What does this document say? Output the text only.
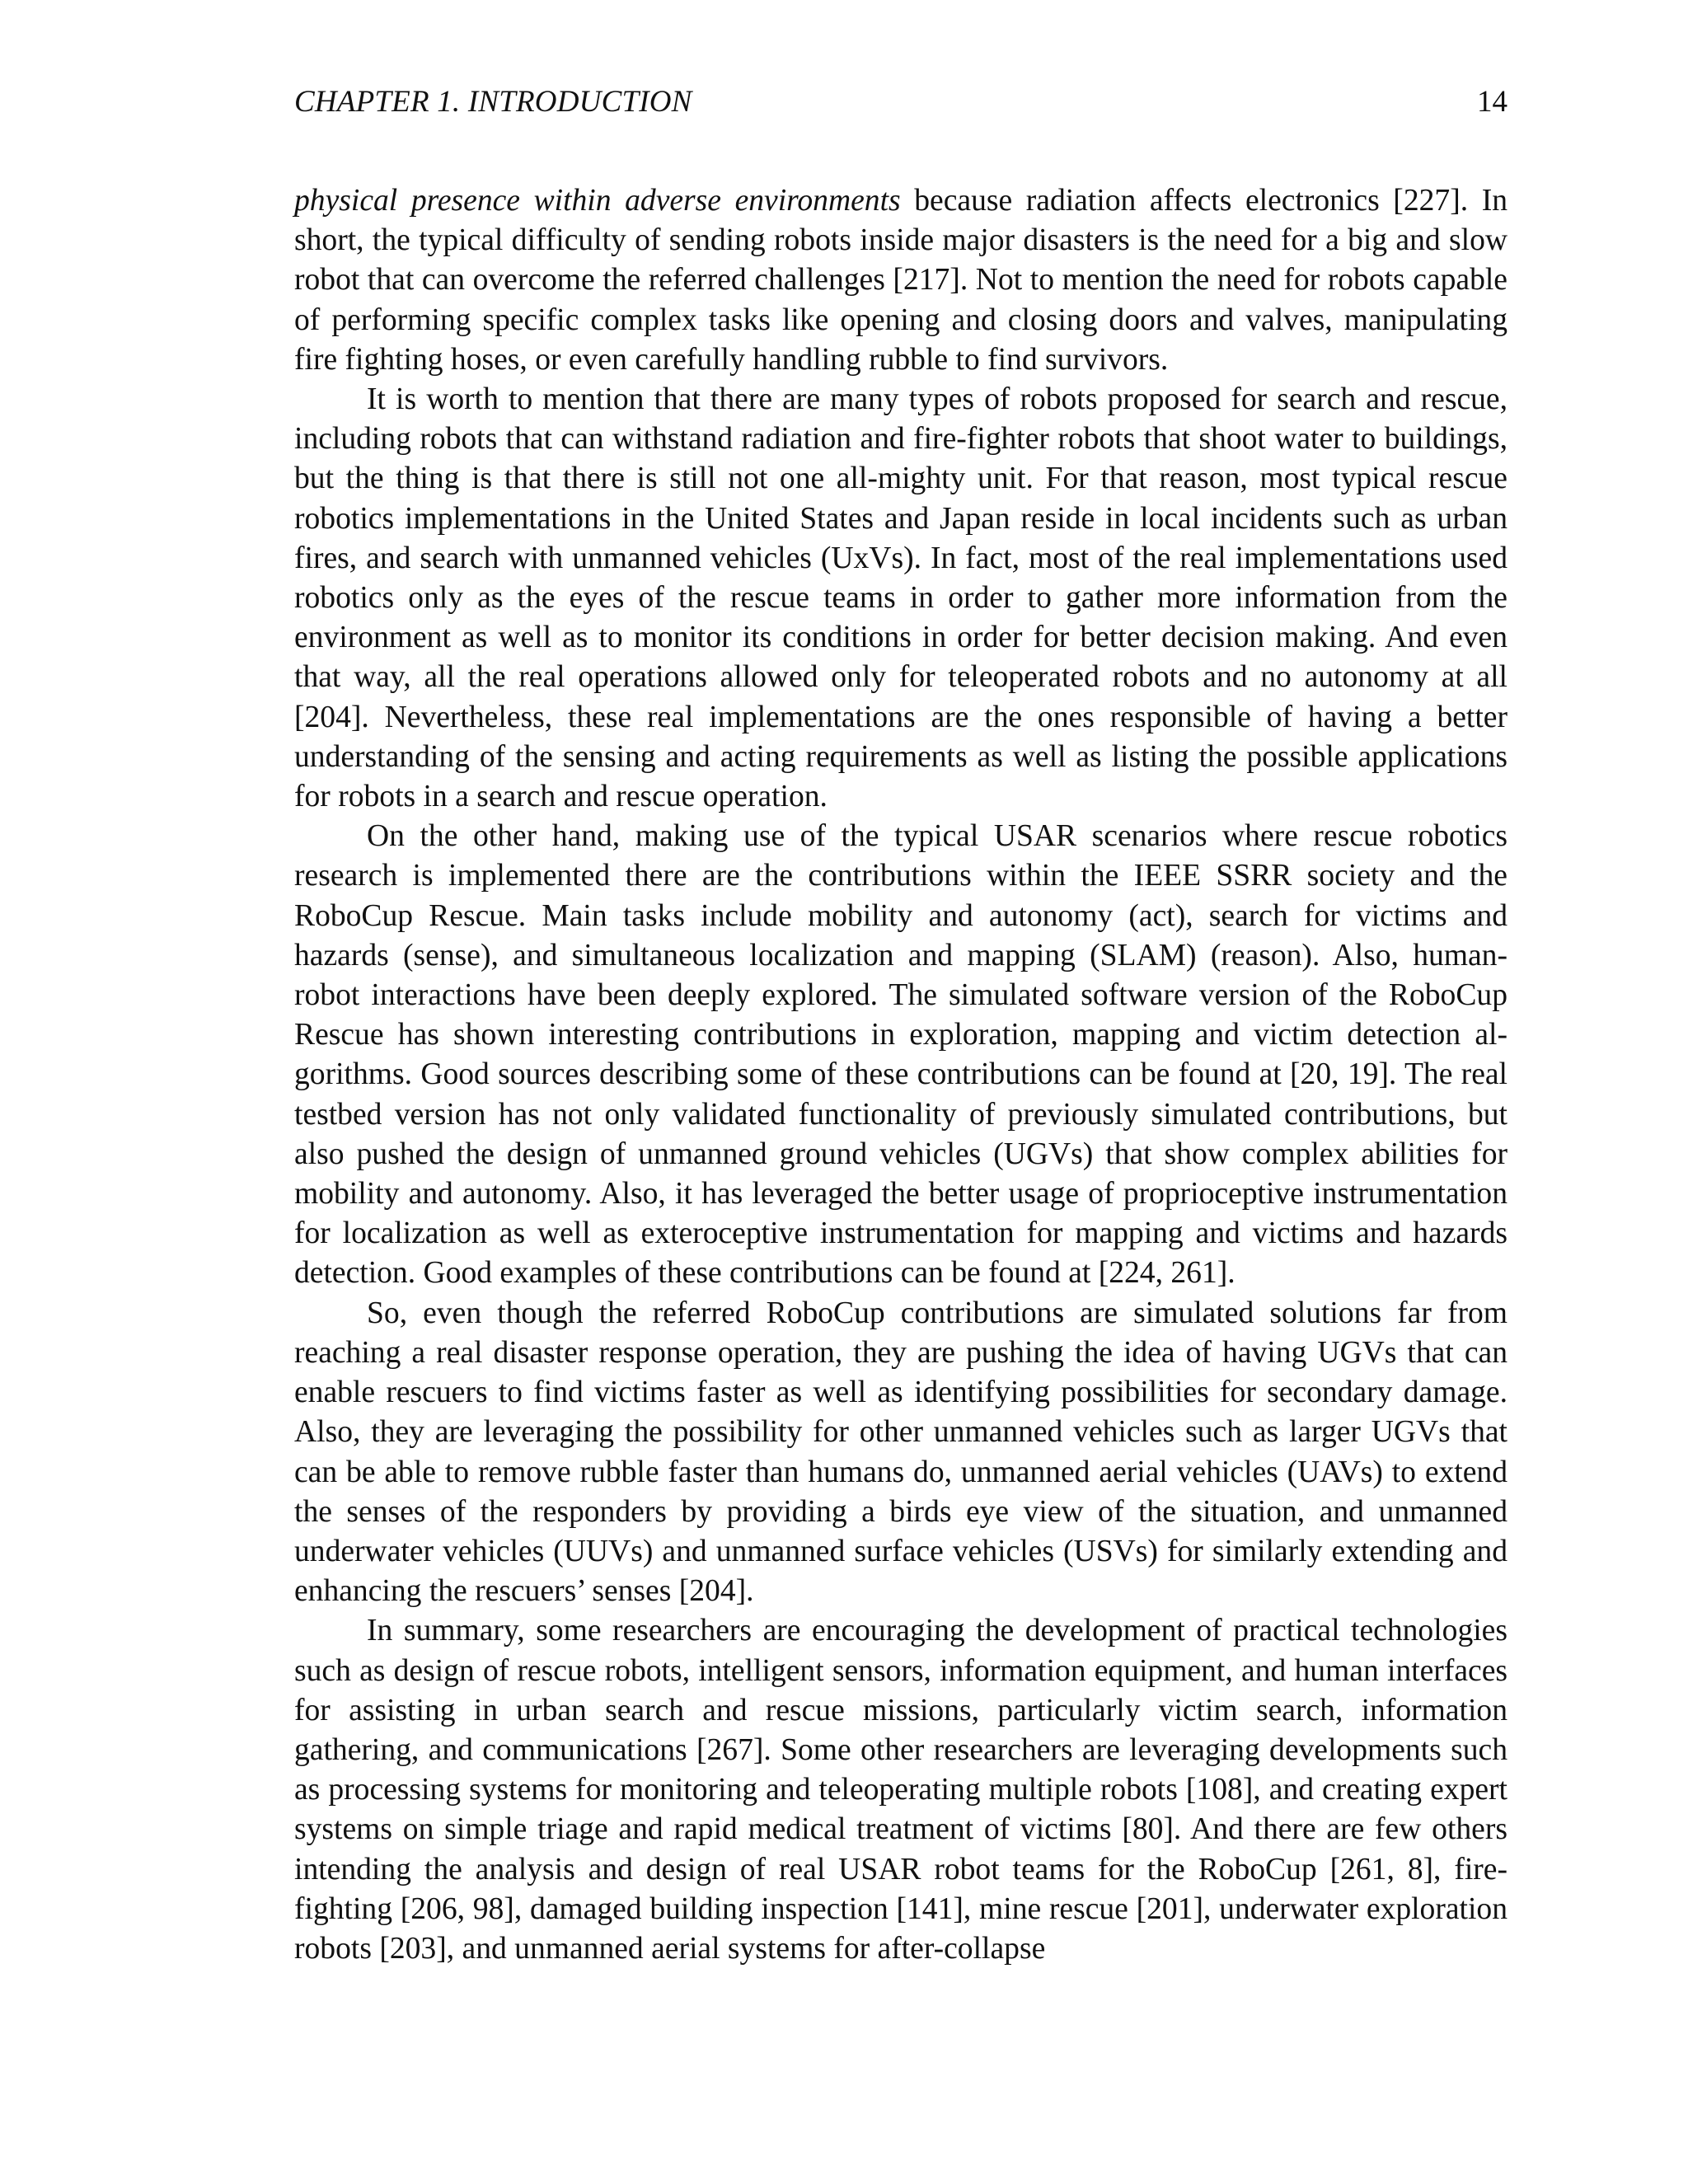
CHAPTER 1. INTRODUCTION	14

physical presence within adverse environments because radiation affects electronics [227]. In short, the typical difficulty of sending robots inside major disasters is the need for a big and slow robot that can overcome the referred challenges [217]. Not to mention the need for robots capable of performing specific complex tasks like opening and closing doors and valves, manipulating fire fighting hoses, or even carefully handling rubble to find survivors.

It is worth to mention that there are many types of robots proposed for search and rescue, including robots that can withstand radiation and fire-fighter robots that shoot water to buildings, but the thing is that there is still not one all-mighty unit. For that reason, most typical rescue robotics implementations in the United States and Japan reside in local incidents such as urban fires, and search with unmanned vehicles (UxVs). In fact, most of the real implementations used robotics only as the eyes of the rescue teams in order to gather more information from the environment as well as to monitor its conditions in order for better decision making. And even that way, all the real operations allowed only for teleoperated robots and no autonomy at all [204]. Nevertheless, these real implementations are the ones responsible of having a better understanding of the sensing and acting requirements as well as listing the possible applications for robots in a search and rescue operation.

On the other hand, making use of the typical USAR scenarios where rescue robotics research is implemented there are the contributions within the IEEE SSRR society and the RoboCup Rescue. Main tasks include mobility and autonomy (act), search for victims and hazards (sense), and simultaneous localization and mapping (SLAM) (reason). Also, human-robot interactions have been deeply explored. The simulated software version of the RoboCup Rescue has shown interesting contributions in exploration, mapping and victim detection algorithms. Good sources describing some of these contributions can be found at [20, 19]. The real testbed version has not only validated functionality of previously simulated contributions, but also pushed the design of unmanned ground vehicles (UGVs) that show complex abilities for mobility and autonomy. Also, it has leveraged the better usage of proprioceptive instrumentation for localization as well as exteroceptive instrumentation for mapping and victims and hazards detection. Good examples of these contributions can be found at [224, 261].

So, even though the referred RoboCup contributions are simulated solutions far from reaching a real disaster response operation, they are pushing the idea of having UGVs that can enable rescuers to find victims faster as well as identifying possibilities for secondary damage. Also, they are leveraging the possibility for other unmanned vehicles such as larger UGVs that can be able to remove rubble faster than humans do, unmanned aerial vehicles (UAVs) to extend the senses of the responders by providing a birds eye view of the situation, and unmanned underwater vehicles (UUVs) and unmanned surface vehicles (USVs) for similarly extending and enhancing the rescuers’ senses [204].

In summary, some researchers are encouraging the development of practical technologies such as design of rescue robots, intelligent sensors, information equipment, and human interfaces for assisting in urban search and rescue missions, particularly victim search, information gathering, and communications [267]. Some other researchers are leveraging developments such as processing systems for monitoring and teleoperating multiple robots [108], and creating expert systems on simple triage and rapid medical treatment of victims [80]. And there are few others intending the analysis and design of real USAR robot teams for the RoboCup [261, 8], fire-fighting [206, 98], damaged building inspection [141], mine rescue [201], underwater exploration robots [203], and unmanned aerial systems for after-collapse
